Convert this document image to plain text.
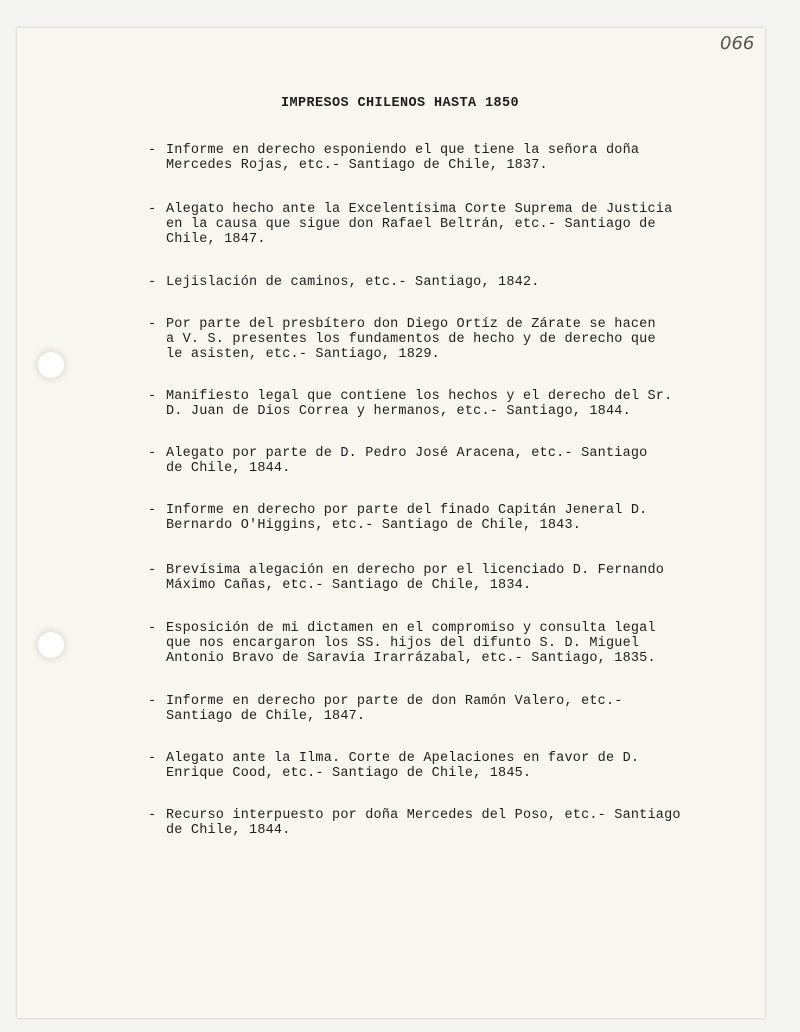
066
IMPRESOS CHILENOS HASTA 1850
- Informe en derecho esponiendo el que tiene la señora doña
Mercedes Rojas, etc.- Santiago de Chile, 1837.
- Alegato hecho ante la Excelentísima Corte Suprema de Justicia
en la causa que sigue don Rafael Beltrán, etc.- Santiago de
Chile, 1847.
- Lejislación de caminos, etc.- Santiago, 1842.
- Por parte del presbítero don Diego Ortíz de Zárate se hacen
a V. S. presentes los fundamentos de hecho y de derecho que
le asisten, etc.- Santiago, 1829.
- Manifiesto legal que contiene los hechos y el derecho del Sr.
D. Juan de Dios Correa y hermanos, etc.- Santiago, 1844.
- Alegato por parte de D. Pedro José Aracena, etc.- Santiago
de Chile, 1844.
- Informe en derecho por parte del finado Capitán Jeneral D.
Bernardo O'Higgins, etc.- Santiago de Chile, 1843.
- Brevísima alegación en derecho por el licenciado D. Fernando
Máximo Cañas, etc.- Santiago de Chile, 1834.
- Esposición de mi dictamen en el compromiso y consulta legal
que nos encargaron los SS. hijos del difunto S. D. Miguel
Antonio Bravo de Saravia Irarrázabal, etc.- Santiago, 1835.
- Informe en derecho por parte de don Ramón Valero, etc.-
Santiago de Chile, 1847.
- Alegato ante la Ilma. Corte de Apelaciones en favor de D.
Enrique Cood, etc.- Santiago de Chile, 1845.
- Recurso interpuesto por doña Mercedes del Poso, etc.- Santiago
de Chile, 1844.
